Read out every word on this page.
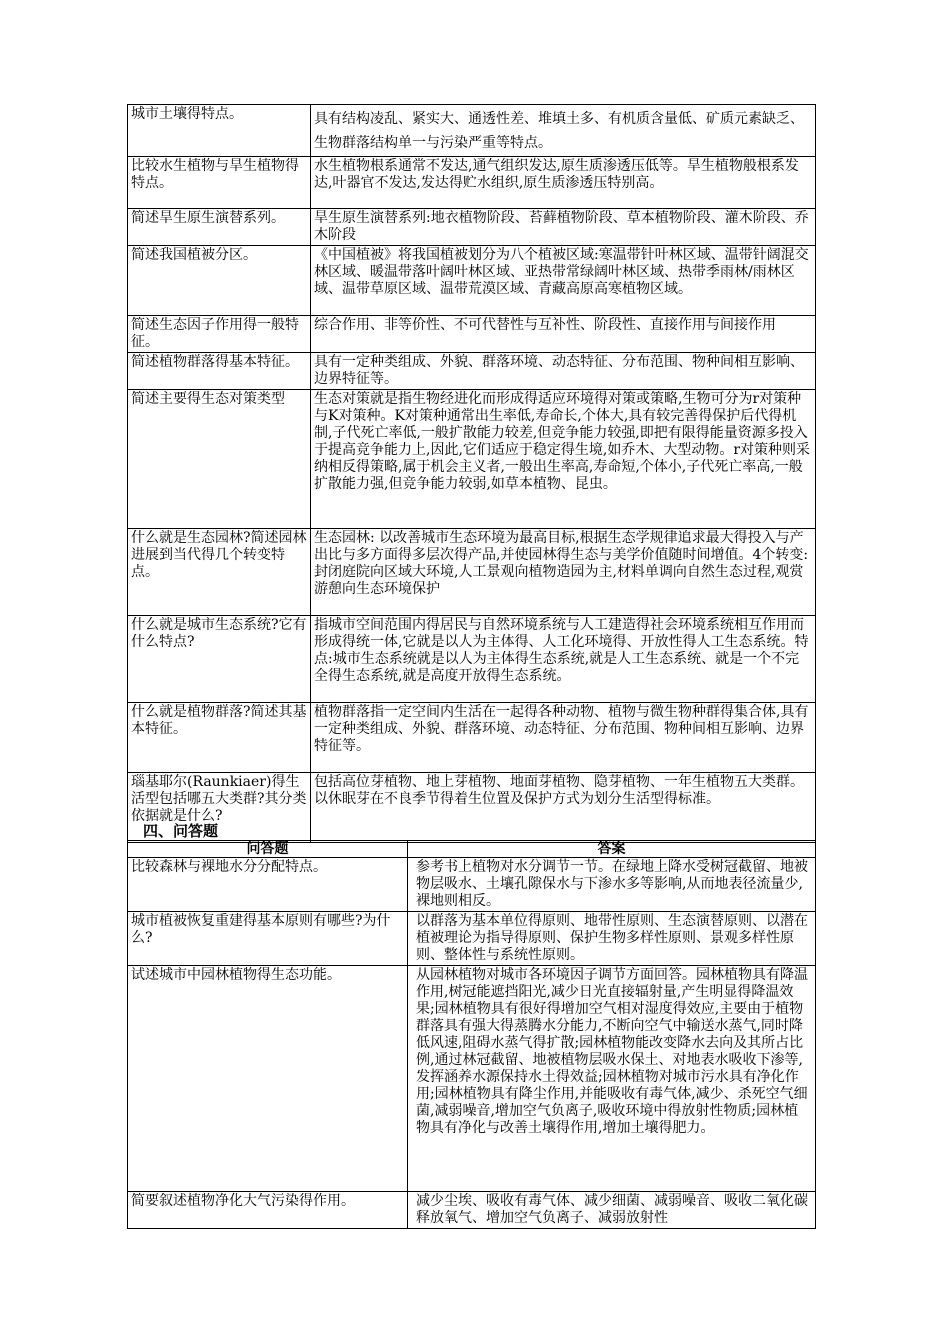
城市土壤得特点。	具有结构凌乱、紧实大、通透性差、堆填土多、有机质含量低、矿质元素缺乏、生物群落结构单一与污染严重等特点。
比较水生植物与旱生植物得特点。	水生植物根系通常不发达,通气组织发达,原生质渗透压低等。旱生植物般根系发达,叶器官不发达,发达得贮水组织,原生质渗透压特别高。
简述旱生原生演替系列。	旱生原生演替系列:地衣植物阶段、苔藓植物阶段、草本植物阶段、灌木阶段、乔木阶段
简述我国植被分区。	《中国植被》将我国植被划分为八个植被区域:寒温带针叶林区域、温带针阔混交林区域、暖温带落叶阔叶林区域、亚热带常绿阔叶林区域、热带季雨林/雨林区域、温带草原区域、温带荒漠区域、青藏高原高寒植物区域。
简述生态因子作用得一般特征。	综合作用、非等价性、不可代替性与互补性、阶段性、直接作用与间接作用
简述植物群落得基本特征。	具有一定种类组成、外貌、群落环境、动态特征、分布范围、物种间相互影响、边界特征等。
简述主要得生态对策类型	生态对策就是指生物经进化而形成得适应环境得对策或策略,生物可分为r对策种与K对策种。K对策种通常出生率低,寿命长,个体大,具有较完善得保护后代得机制,子代死亡率低,一般扩散能力较差,但竞争能力较强,即把有限得能量资源多投入于提高竞争能力上,因此,它们适应于稳定得生境,如乔木、大型动物。r对策种则采纳相反得策略,属于机会主义者,一般出生率高,寿命短,个体小,子代死亡率高,一般扩散能力强,但竞争能力较弱,如草本植物、昆虫。
什么就是生态园林?简述园林进展到当代得几个转变特点。	生态园林: 以改善城市生态环境为最高目标,根据生态学规律追求最大得投入与产出比与多方面得多层次得产品,并使园林得生态与美学价值随时间增值。4个转变:封闭庭院向区域大环境,人工景观向植物造园为主,材料单调向自然生态过程,观赏游憩向生态环境保护
什么就是城市生态系统?它有什么特点?	指城市空间范围内得居民与自然环境系统与人工建造得社会环境系统相互作用而形成得统一体,它就是以人为主体得、人工化环境得、开放性得人工生态系统。特点:城市生态系统就是以人为主体得生态系统,就是人工生态系统、就是一个不完全得生态系统,就是高度开放得生态系统。
什么就是植物群落?简述其基本特征。	植物群落指一定空间内生活在一起得各种动物、植物与微生物种群得集合体,具有一定种类组成、外貌、群落环境、动态特征、分布范围、物种间相互影响、边界特征等。
瑙基耶尔(Raunkiaer)得生活型包括哪五大类群?其分类依据就是什么?	包括高位芽植物、地上芽植物、地面芽植物、隐芽植物、一年生植物五大类群。以休眠芽在不良季节得着生位置及保护方式为划分生活型得标准。
四、问答题
问答题	答案
比较森林与裸地水分分配特点。	参考书上植物对水分调节一节。在绿地上降水受树冠截留、地被物层吸水、土壤孔隙保水与下渗水多等影响,从而地表径流量少,裸地则相反。
城市植被恢复重建得基本原则有哪些?为什么?	以群落为基本单位得原则、地带性原则、生态演替原则、以潜在植被理论为指导得原则、保护生物多样性原则、景观多样性原则、整体性与系统性原则。
试述城市中园林植物得生态功能。	从园林植物对城市各环境因子调节方面回答。园林植物具有降温作用,树冠能遮挡阳光,减少日光直接辐射量,产生明显得降温效果;园林植物具有很好得增加空气相对湿度得效应,主要由于植物群落具有强大得蒸腾水分能力,不断向空气中输送水蒸气,同时降低风速,阻碍水蒸气得扩散;园林植物能改变降水去向及其所占比例,通过林冠截留、地被植物层吸水保土、对地表水吸收下渗等,发挥涵养水源保持水土得效益;园林植物对城市污水具有净化作用;园林植物具有降尘作用,并能吸收有毒气体,减少、杀死空气细菌,减弱噪音,增加空气负离子,吸收环境中得放射性物质;园林植物具有净化与改善土壤得作用,增加土壤得肥力。
简要叙述植物净化大气污染得作用。	减少尘埃、吸收有毒气体、减少细菌、减弱噪音、吸收二氧化碳释放氧气、增加空气负离子、减弱放射性
